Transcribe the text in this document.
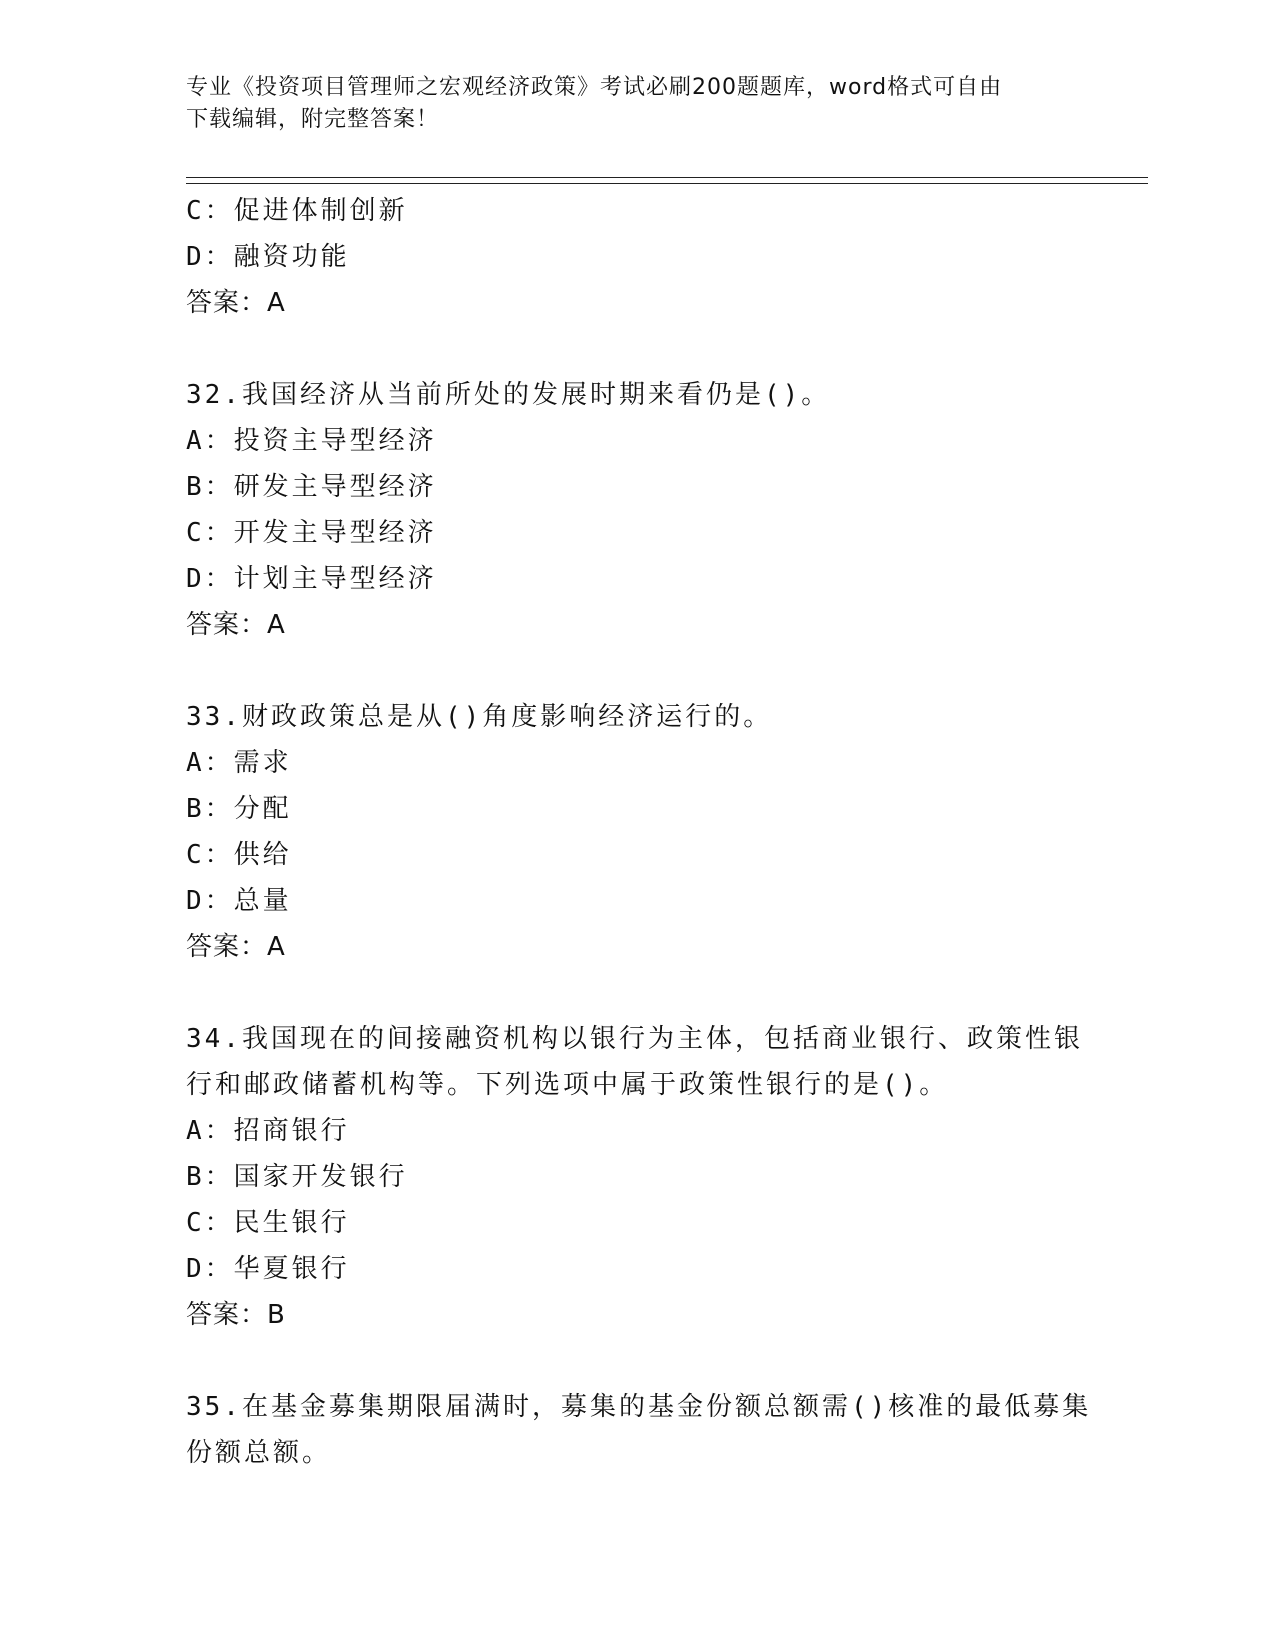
专业《投资项目管理师之宏观经济政策》考试必刷200题题库，word格式可自由
下载编辑，附完整答案！
C：促进体制创新
D：融资功能
答案：A
32.我国经济从当前所处的发展时期来看仍是()。
A：投资主导型经济
B：研发主导型经济
C：开发主导型经济
D：计划主导型经济
答案：A
33.财政政策总是从()角度影响经济运行的。
A：需求
B：分配
C：供给
D：总量
答案：A
34.我国现在的间接融资机构以银行为主体，包括商业银行、政策性银
行和邮政储蓄机构等。下列选项中属于政策性银行的是()。
A：招商银行
B：国家开发银行
C：民生银行
D：华夏银行
答案：B
35.在基金募集期限届满时，募集的基金份额总额需()核准的最低募集
份额总额。
